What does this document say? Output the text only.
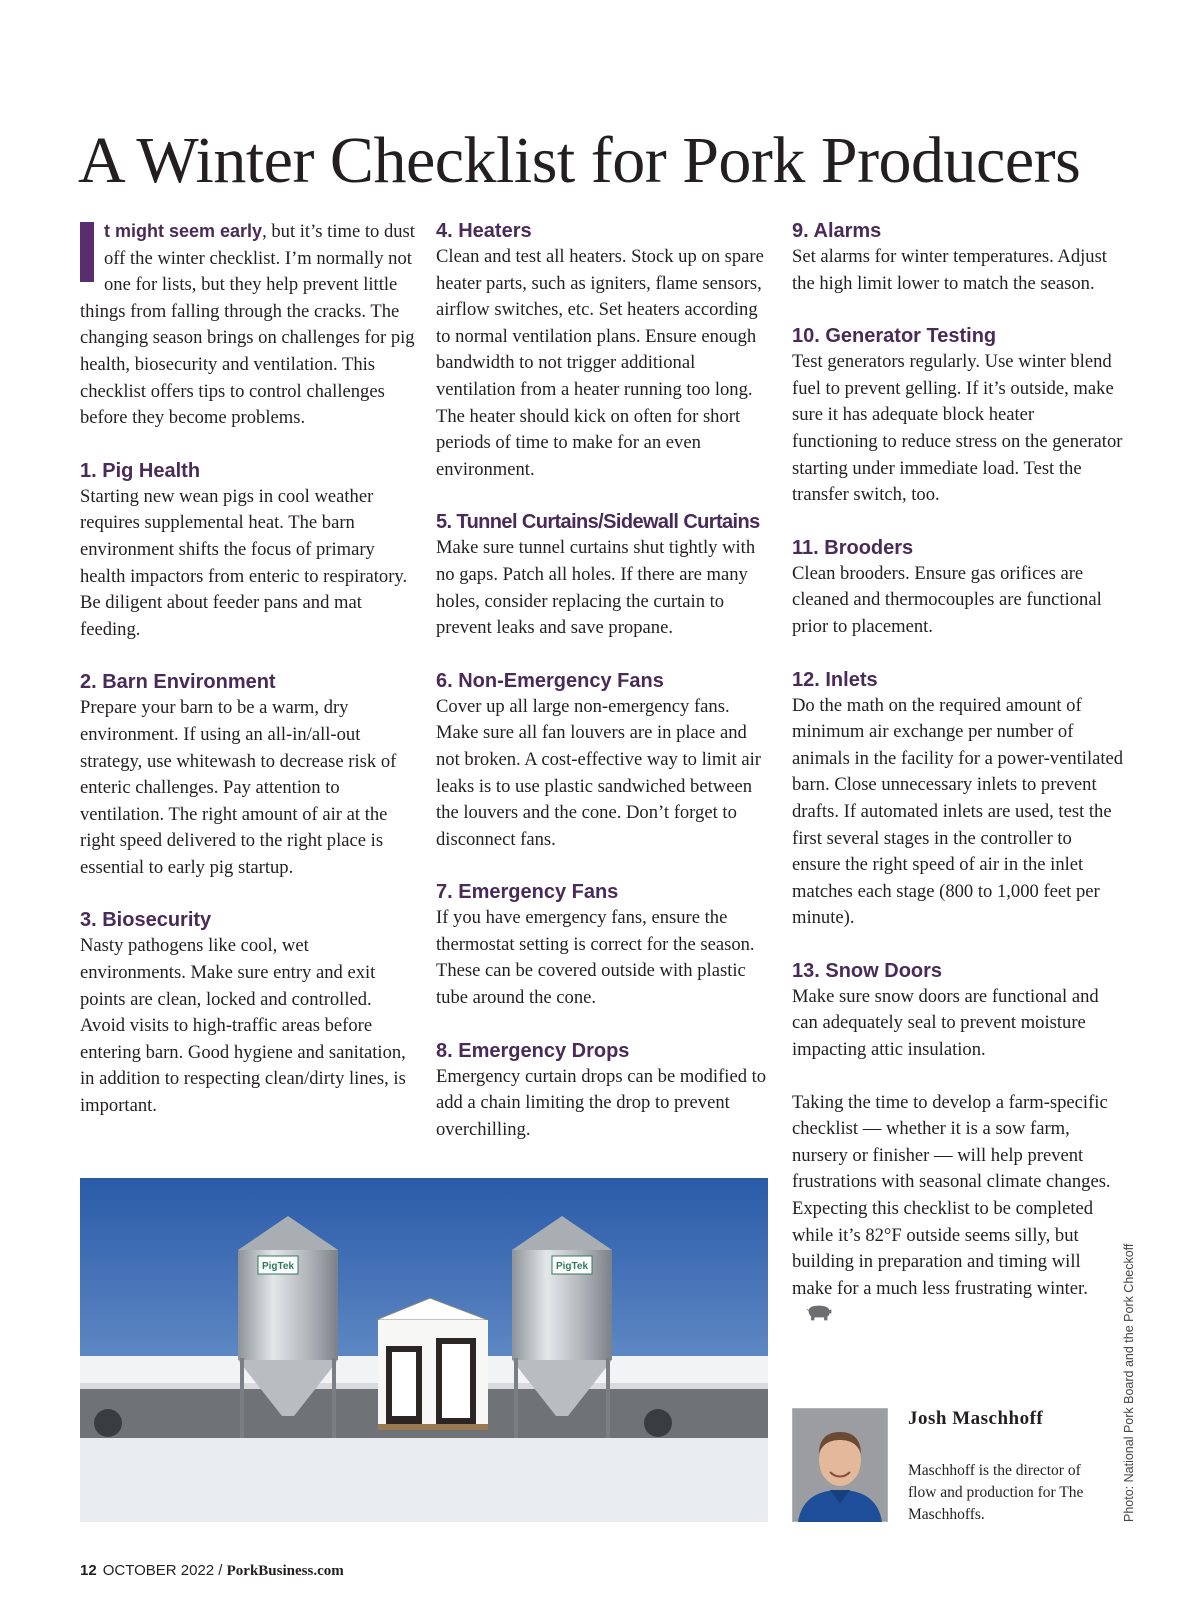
A Winter Checklist for Pork Producers

t might seem early, but it’s time to dust off the winter checklist. I’m normally not one for lists, but they help prevent little things from falling through the cracks. The changing season brings on challenges for pig health, biosecurity and ventilation. This checklist offers tips to control challenges before they become problems.

1. Pig Health

Starting new wean pigs in cool weather requires supplemental heat. The barn environment shifts the focus of primary health impactors from enteric to respiratory. Be diligent about feeder pans and mat feeding.

2. Barn Environment

Prepare your barn to be a warm, dry environment. If using an all-in/all-out strategy, use whitewash to decrease risk of enteric challenges. Pay attention to ventilation. The right amount of air at the right speed delivered to the right place is essential to early pig startup.

3. Biosecurity

Nasty pathogens like cool, wet environments. Make sure entry and exit points are clean, locked and controlled. Avoid visits to high-traffic areas before entering barn. Good hygiene and sanitation, in addition to respecting clean/dirty lines, is important.

4. Heaters

Clean and test all heaters. Stock up on spare heater parts, such as igniters, flame sensors, airflow switches, etc. Set heaters according to normal ventilation plans. Ensure enough bandwidth to not trigger additional ventilation from a heater running too long. The heater should kick on often for short periods of time to make for an even environment.

5. Tunnel Curtains/Sidewall Curtains

Make sure tunnel curtains shut tightly with no gaps. Patch all holes. If there are many holes, consider replacing the curtain to prevent leaks and save propane.

6. Non-Emergency Fans

Cover up all large non-emergency fans. Make sure all fan louvers are in place and not broken. A cost-effective way to limit air leaks is to use plastic sandwiched between the louvers and the cone. Don’t forget to disconnect fans.

7. Emergency Fans

If you have emergency fans, ensure the thermostat setting is correct for the season. These can be covered outside with plastic tube around the cone.

8. Emergency Drops

Emergency curtain drops can be modified to add a chain limiting the drop to prevent overchilling.

9. Alarms

Set alarms for winter temperatures. Adjust the high limit lower to match the season.

10. Generator Testing

Test generators regularly. Use winter blend fuel to prevent gelling. If it’s outside, make sure it has adequate block heater functioning to reduce stress on the generator starting under immediate load. Test the transfer switch, too.

11. Brooders

Clean brooders. Ensure gas orifices are cleaned and thermocouples are functional prior to placement.

12. Inlets

Do the math on the required amount of minimum air exchange per number of animals in the facility for a power-ventilated barn. Close unnecessary inlets to prevent drafts. If automated inlets are used, test the first several stages in the controller to ensure the right speed of air in the inlet matches each stage (800 to 1,000 feet per minute).

13. Snow Doors

Make sure snow doors are functional and can adequately seal to prevent moisture impacting attic insulation.

Taking the time to develop a farm-specific checklist — whether it is a sow farm, nursery or finisher — will help prevent frustrations with seasonal climate changes. Expecting this checklist to be completed while it’s 82°F outside seems silly, but building in preparation and timing will make for a much less frustrating winter.

PigTek	PigTek

Josh Maschhoff

Maschhoff is the director of flow and production for The Maschhoffs.	Photo: National Pork Board and the Pork Checkoff
12 OCTOBER 2022 / PorkBusiness.com
